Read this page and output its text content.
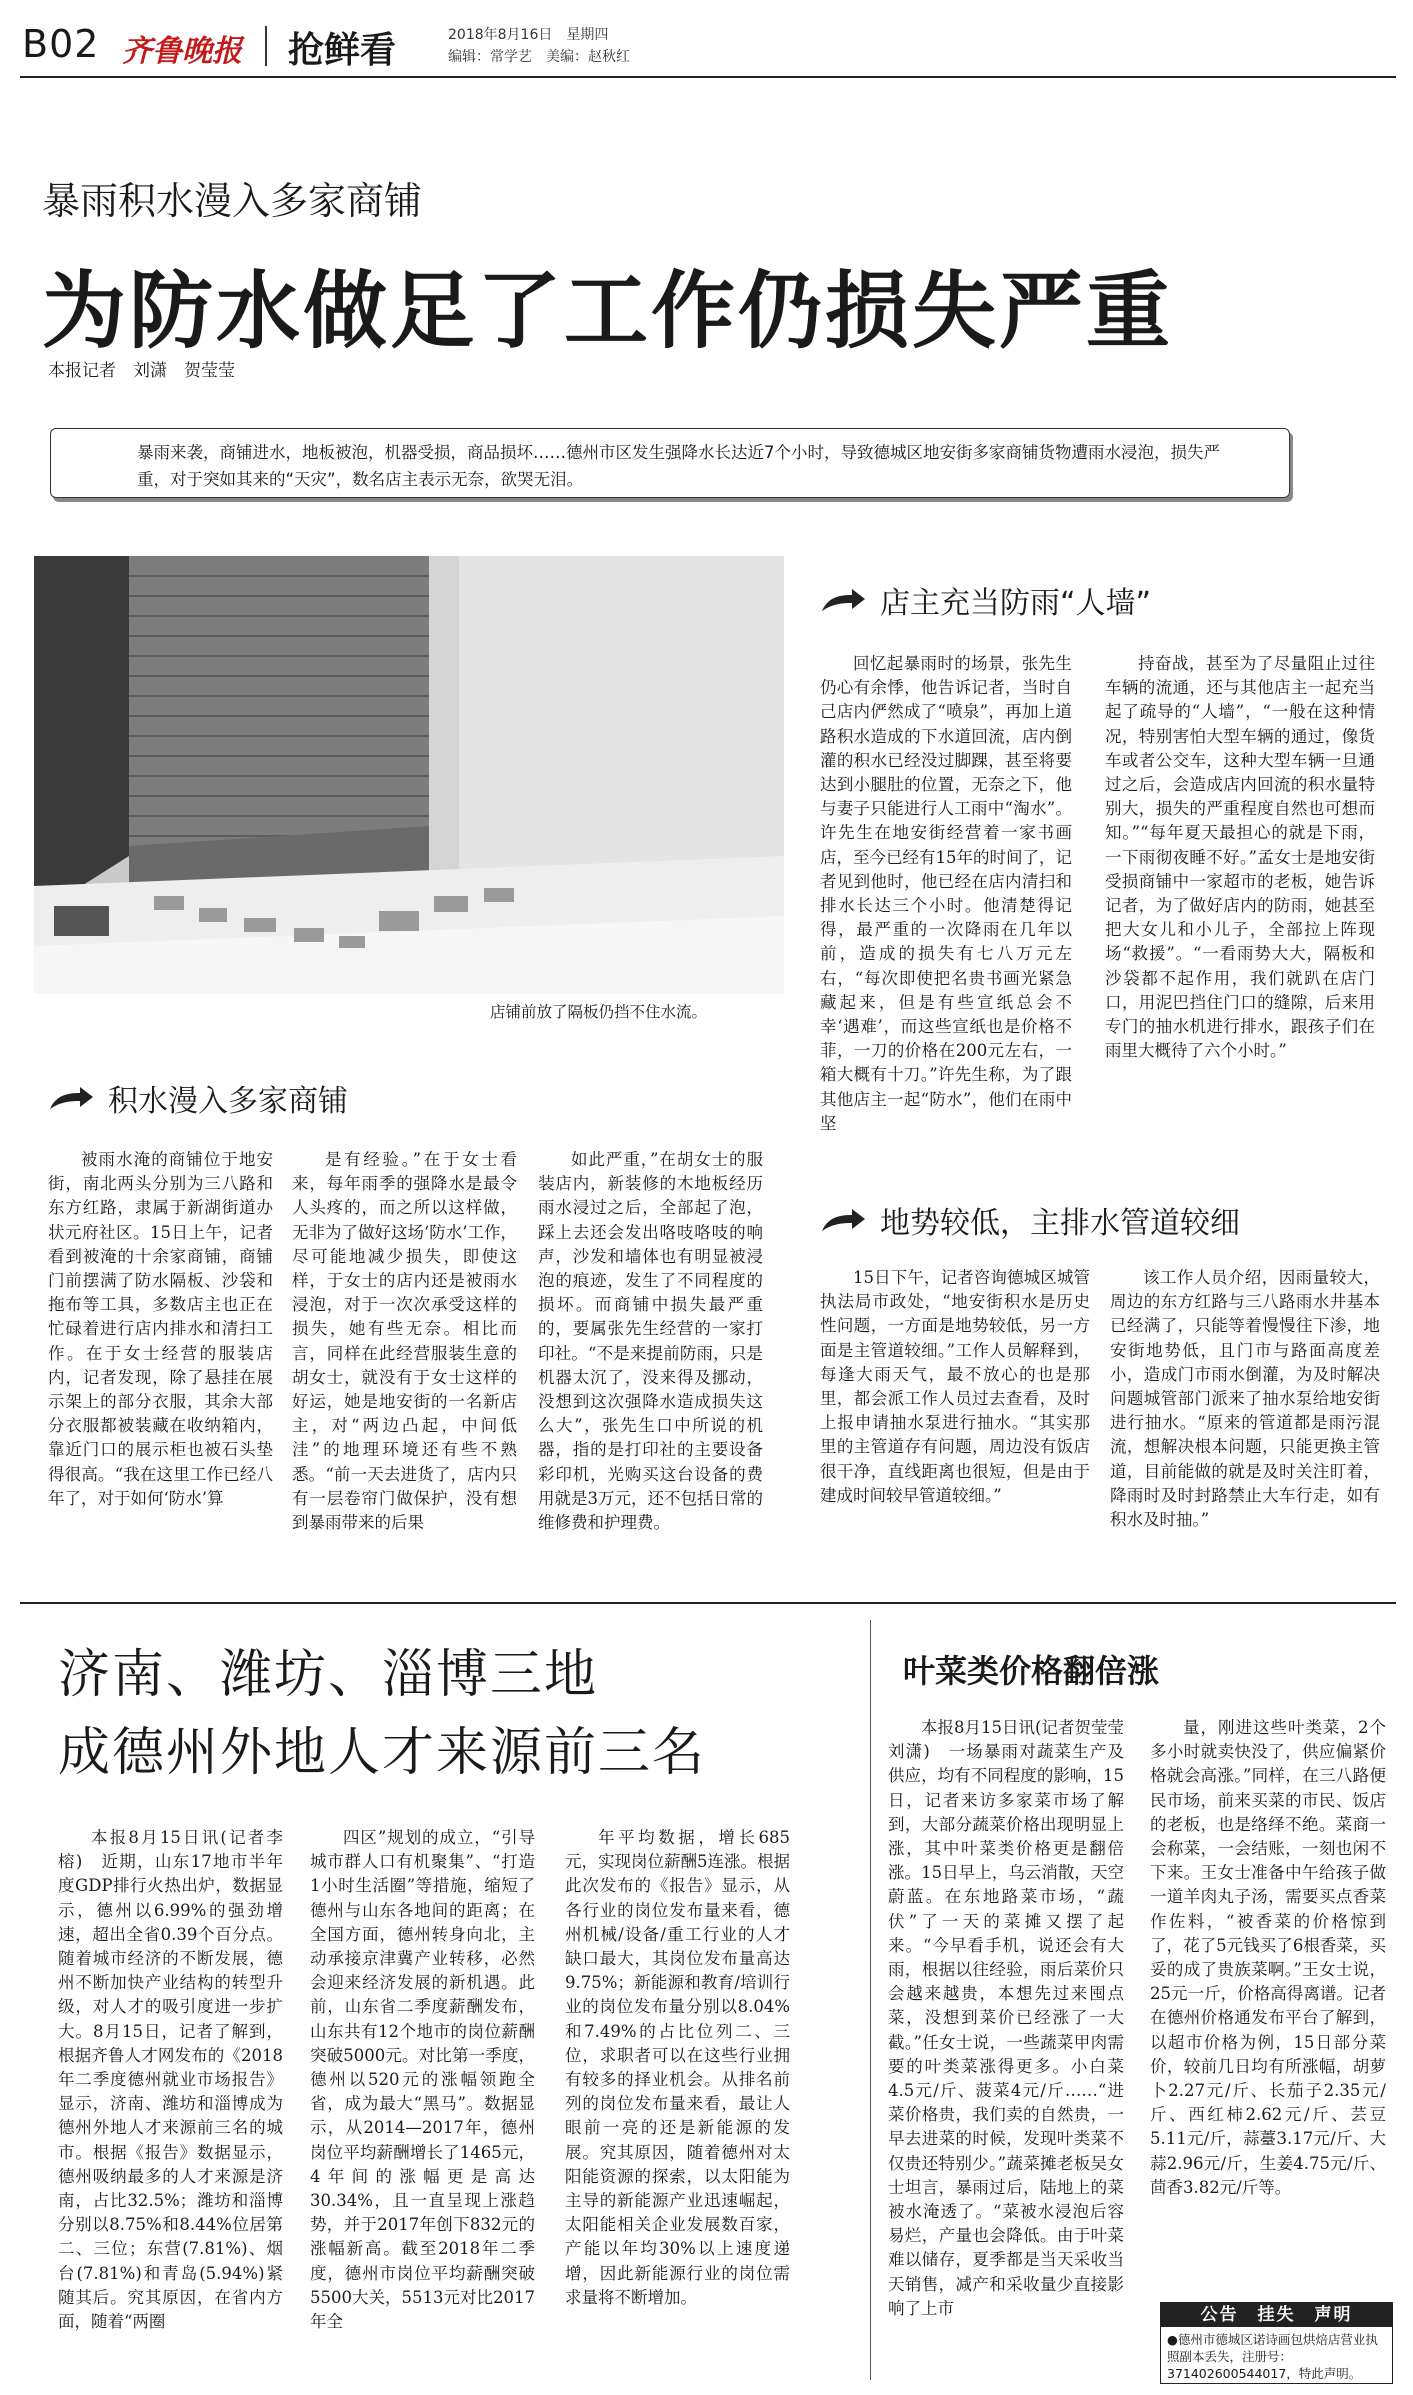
B02 齐鲁晚报 抢鲜看	2018年8月16日　星期四
编辑：常学艺　美编：赵秋红
暴雨积水漫入多家商铺
为防水做足了工作仍损失严重
本报记者　刘潇　贺莹莹
暴雨来袭，商铺进水，地板被泡，机器受损，商品损坏……德州市区发生强降水长达近7个小时，导致德城区地安街多家商铺货物遭雨水浸泡，损失严
重，对于突如其来的“天灾”，数名店主表示无奈，欲哭无泪。
店铺前放了隔板仍挡不住水流。
店主充当防雨“人墙”
回忆起暴雨时的场景，张先生仍心有余悸，他告诉记者，当时自己店内俨然成了“喷泉”，再加上道路积水造成的下水道回流，店内倒灌的积水已经没过脚踝，甚至将要达到小腿肚的位置，无奈之下，他与妻子只能进行人工雨中“淘水”。许先生在地安街经营着一家书画店，至今已经有15年的时间了，记者见到他时，他已经在店内清扫和排水长达三个小时。他清楚得记得，最严重的一次降雨在几年以前，造成的损失有七八万元左右，“每次即使把名贵书画光紧急藏起来，但是有些宣纸总会不幸‘遇难’，而这些宣纸也是价格不菲，一刀的价格在200元左右，一箱大概有十刀。”许先生称，为了跟其他店主一起“防水”，他们在雨中坚
持奋战，甚至为了尽量阻止过往车辆的流通，还与其他店主一起充当起了疏导的“人墙”，“一般在这种情况，特别害怕大型车辆的通过，像货车或者公交车，这种大型车辆一旦通过之后，会造成店内回流的积水量特别大，损失的严重程度自然也可想而知。”“每年夏天最担心的就是下雨，一下雨彻夜睡不好。”孟女士是地安街受损商铺中一家超市的老板，她告诉记者，为了做好店内的防雨，她甚至把大女儿和小儿子，全部拉上阵现场“救援”。“一看雨势大大，隔板和沙袋都不起作用，我们就趴在店门口，用泥巴挡住门口的缝隙，后来用专门的抽水机进行排水，跟孩子们在雨里大概待了六个小时。”
积水漫入多家商铺
被雨水淹的商铺位于地安街，南北两头分别为三八路和东方红路，隶属于新湖街道办状元府社区。15日上午，记者看到被淹的十余家商铺，商铺门前摆满了防水隔板、沙袋和拖布等工具，多数店主也正在忙碌着进行店内排水和清扫工作。在于女士经营的服装店内，记者发现，除了悬挂在展示架上的部分衣服，其余大部分衣服都被装藏在收纳箱内，靠近门口的展示柜也被石头垫得很高。“我在这里工作已经八年了，对于如何‘防水’算
是有经验。”在于女士看来，每年雨季的强降水是最令人头疼的，而之所以这样做，无非为了做好这场‘防水’工作，尽可能地减少损失，即使这样，于女士的店内还是被雨水浸泡，对于一次次承受这样的损失，她有些无奈。相比而言，同样在此经营服装生意的胡女士，就没有于女士这样的好运，她是地安街的一名新店主，对“两边凸起，中间低洼”的地理环境还有些不熟悉。“前一天去进货了，店内只有一层卷帘门做保护，没有想到暴雨带来的后果
如此严重，”在胡女士的服装店内，新装修的木地板经历雨水浸过之后，全部起了泡，踩上去还会发出咯吱咯吱的响声，沙发和墙体也有明显被浸泡的痕迹，发生了不同程度的损坏。而商铺中损失最严重的，要属张先生经营的一家打印社。“不是来提前防雨，只是机器太沉了，没来得及挪动，没想到这次强降水造成损失这么大”，张先生口中所说的机器，指的是打印社的主要设备彩印机，光购买这台设备的费用就是3万元，还不包括日常的维修费和护理费。
地势较低，主排水管道较细
15日下午，记者咨询德城区城管执法局市政处，“地安街积水是历史性问题，一方面是地势较低，另一方面是主管道较细。”工作人员解释到，每逢大雨天气，最不放心的也是那里，都会派工作人员过去查看，及时上报申请抽水泵进行抽水。“其实那里的主管道存有问题，周边没有饭店很干净，直线距离也很短，但是由于建成时间较早管道较细。”
该工作人员介绍，因雨量较大，周边的东方红路与三八路雨水井基本已经满了，只能等着慢慢往下渗，地安街地势低，且门市与路面高度差小，造成门市雨水倒灌，为及时解决问题城管部门派来了抽水泵给地安街进行抽水。“原来的管道都是雨污混流，想解决根本问题，只能更换主管道，目前能做的就是及时关注盯着，降雨时及时封路禁止大车行走，如有积水及时抽。”
济南、潍坊、淄博三地
成德州外地人才来源前三名
本报8月15日讯(记者李榕)　近期，山东17地市半年度GDP排行火热出炉，数据显示，德州以6.99%的强劲增速，超出全省0.39个百分点。随着城市经济的不断发展，德州不断加快产业结构的转型升级，对人才的吸引度进一步扩大。8月15日，记者了解到，根据齐鲁人才网发布的《2018年二季度德州就业市场报告》显示，济南、潍坊和淄博成为德州外地人才来源前三名的城市。根据《报告》数据显示，德州吸纳最多的人才来源是济南，占比32.5%；潍坊和淄博分别以8.75%和8.44%位居第二、三位；东营(7.81%)、烟台(7.81%)和青岛(5.94%)紧随其后。究其原因，在省内方面，随着“两圈
四区”规划的成立，“引导城市群人口有机聚集”、“打造1小时生活圈”等措施，缩短了德州与山东各地间的距离；在全国方面，德州转身向北，主动承接京津冀产业转移，必然会迎来经济发展的新机遇。此前，山东省二季度薪酬发布，山东共有12个地市的岗位薪酬突破5000元。对比第一季度，德州以520元的涨幅领跑全省，成为最大“黑马”。数据显示，从2014—2017年，德州岗位平均薪酬增长了1465元，4年间的涨幅更是高达30.34%，且一直呈现上涨趋势，并于2017年创下832元的涨幅新高。截至2018年二季度，德州市岗位平均薪酬突破5500大关，5513元对比2017年全
年平均数据，增长685元，实现岗位薪酬5连涨。根据此次发布的《报告》显示，从各行业的岗位发布量来看，德州机械/设备/重工行业的人才缺口最大，其岗位发布量高达9.75%；新能源和教育/培训行业的岗位发布量分别以8.04%和7.49%的占比位列二、三位，求职者可以在这些行业拥有较多的择业机会。从排名前列的岗位发布量来看，最让人眼前一亮的还是新能源的发展。究其原因，随着德州对太阳能资源的探索，以太阳能为主导的新能源产业迅速崛起，太阳能相关企业发展数百家，产能以年均30%以上速度递增，因此新能源行业的岗位需求量将不断增加。
叶菜类价格翻倍涨
本报8月15日讯(记者贺莹莹　刘潇)　一场暴雨对蔬菜生产及供应，均有不同程度的影响，15日，记者来访多家菜市场了解到，大部分蔬菜价格出现明显上涨，其中叶菜类价格更是翻倍涨。15日早上，乌云消散，天空蔚蓝。在东地路菜市场，“蔬伏”了一天的菜摊又摆了起来。“今早看手机，说还会有大雨，根据以往经验，雨后菜价只会越来越贵，本想先过来囤点菜，没想到菜价已经涨了一大截。”任女士说，一些蔬菜甲肉需要的叶类菜涨得更多。小白菜4.5元/斤、菠菜4元/斤……“进菜价格贵，我们卖的自然贵，一早去进菜的时候，发现叶类菜不仅贵还特别少。”蔬菜摊老板吴女士坦言，暴雨过后，陆地上的菜被水淹透了。“菜被水浸泡后容易烂，产量也会降低。由于叶菜难以储存，夏季都是当天采收当天销售，减产和采收量少直接影响了上市
量，刚进这些叶类菜，2个多小时就卖快没了，供应偏紧价格就会高涨。”同样，在三八路便民市场，前来买菜的市民、饭店的老板，也是络绎不绝。菜商一会称菜，一会结账，一刻也闲不下来。王女士准备中午给孩子做一道羊肉丸子汤，需要买点香菜作佐料，“被香菜的价格惊到了，花了5元钱买了6根香菜，买妥的成了贵族菜啊。”王女士说，25元一斤，价格高得离谱。记者在德州价格通发布平台了解到，以超市价格为例，15日部分菜价，较前几日均有所涨幅，胡萝卜2.27元/斤、长茄子2.35元/斤、西红柿2.62元/斤、芸豆5.11元/斤，蒜薹3.17元/斤、大蒜2.96元/斤，生姜4.75元/斤、茴香3.82元/斤等。
公告　挂失　声明
●德州市德城区诺诗画包烘焙店营业执照副本丢失，注册号：371402600544017，特此声明。
